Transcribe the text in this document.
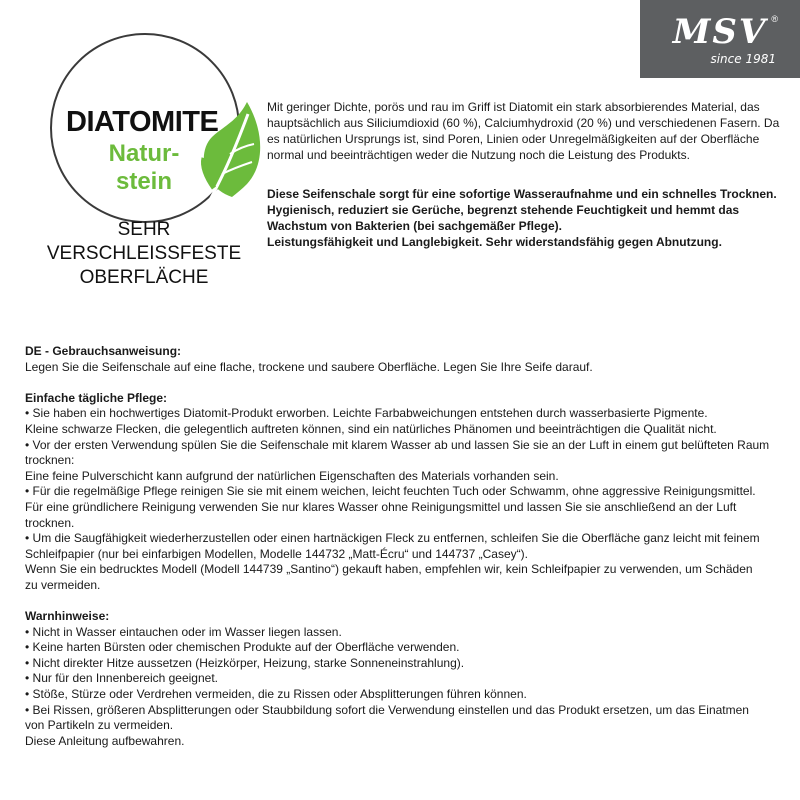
MSV ®
since 1981
DIATOMITE
Natur-
stein
SEHR
VERSCHLEISSFESTE
OBERFLÄCHE

Mit geringer Dichte, porös und rau im Griff ist Diatomit ein stark absorbierendes Material, das

hauptsächlich aus Siliciumdioxid (60 %), Calciumhydroxid (20 %) und verschiedenen Fasern. Da

es natürlichen Ursprungs ist, sind Poren, Linien oder Unregelmäßigkeiten auf der Oberfläche

normal und beeinträchtigen weder die Nutzung noch die Leistung des Produkts.

Diese Seifenschale sorgt für eine sofortige Wasseraufnahme und ein schnelles Trocknen.

Hygienisch, reduziert sie Gerüche, begrenzt stehende Feuchtigkeit und hemmt das

Wachstum von Bakterien (bei sachgemäßer Pflege).

Leistungsfähigkeit und Langlebigkeit. Sehr widerstandsfähig gegen Abnutzung.

DE - Gebrauchsanweisung:

Legen Sie die Seifenschale auf eine flache, trockene und saubere Oberfläche. Legen Sie Ihre Seife darauf.

Einfache tägliche Pflege:

• Sie haben ein hochwertiges Diatomit-Produkt erworben. Leichte Farbabweichungen entstehen durch wasserbasierte Pigmente.

Kleine schwarze Flecken, die gelegentlich auftreten können, sind ein natürliches Phänomen und beeinträchtigen die Qualität nicht.

• Vor der ersten Verwendung spülen Sie die Seifenschale mit klarem Wasser ab und lassen Sie sie an der Luft in einem gut belüfteten Raum

trocknen:

Eine feine Pulverschicht kann aufgrund der natürlichen Eigenschaften des Materials vorhanden sein.

• Für die regelmäßige Pflege reinigen Sie sie mit einem weichen, leicht feuchten Tuch oder Schwamm, ohne aggressive Reinigungsmittel.

Für eine gründlichere Reinigung verwenden Sie nur klares Wasser ohne Reinigungsmittel und lassen Sie sie anschließend an der Luft

trocknen.

• Um die Saugfähigkeit wiederherzustellen oder einen hartnäckigen Fleck zu entfernen, schleifen Sie die Oberfläche ganz leicht mit feinem

Schleifpapier (nur bei einfarbigen Modellen, Modelle 144732 „Matt-Écru“ und 144737 „Casey“).

Wenn Sie ein bedrucktes Modell (Modell 144739 „Santino“) gekauft haben, empfehlen wir, kein Schleifpapier zu verwenden, um Schäden

zu vermeiden.

Warnhinweise:

• Nicht in Wasser eintauchen oder im Wasser liegen lassen.

• Keine harten Bürsten oder chemischen Produkte auf der Oberfläche verwenden.

• Nicht direkter Hitze aussetzen (Heizkörper, Heizung, starke Sonneneinstrahlung).

• Nur für den Innenbereich geeignet.

• Stöße, Stürze oder Verdrehen vermeiden, die zu Rissen oder Absplitterungen führen können.

• Bei Rissen, größeren Absplitterungen oder Staubbildung sofort die Verwendung einstellen und das Produkt ersetzen, um das Einatmen

von Partikeln zu vermeiden.

Diese Anleitung aufbewahren.
